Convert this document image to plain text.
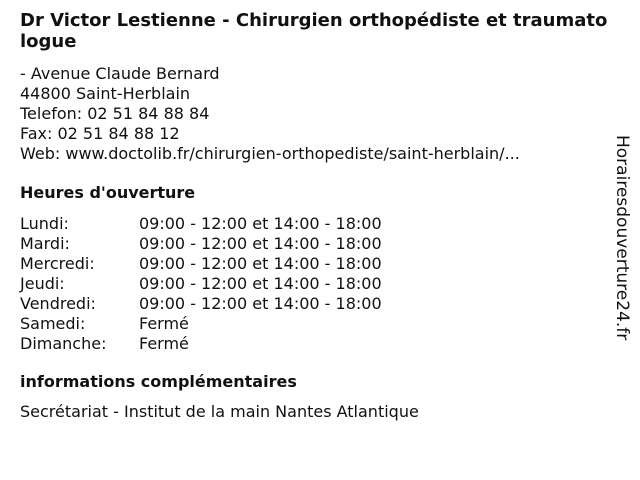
Dr Victor Lestienne - Chirurgien orthopédiste et traumatologue
- Avenue Claude Bernard
44800 Saint-Herblain
Telefon: 02 51 84 88 84
Fax: 02 51 84 88 12
Web: www.doctolib.fr/chirurgien-orthopediste/saint-herblain/...
Heures d'ouverture
Lundi:	09:00 - 12:00 et 14:00 - 18:00
Mardi:	09:00 - 12:00 et 14:00 - 18:00
Mercredi:	09:00 - 12:00 et 14:00 - 18:00
Jeudi:	09:00 - 12:00 et 14:00 - 18:00
Vendredi:	09:00 - 12:00 et 14:00 - 18:00
Samedi:	Fermé
Dimanche:	Fermé
informations complémentaires
Secrétariat - Institut de la main Nantes Atlantique
Horairesdouverture24.fr
